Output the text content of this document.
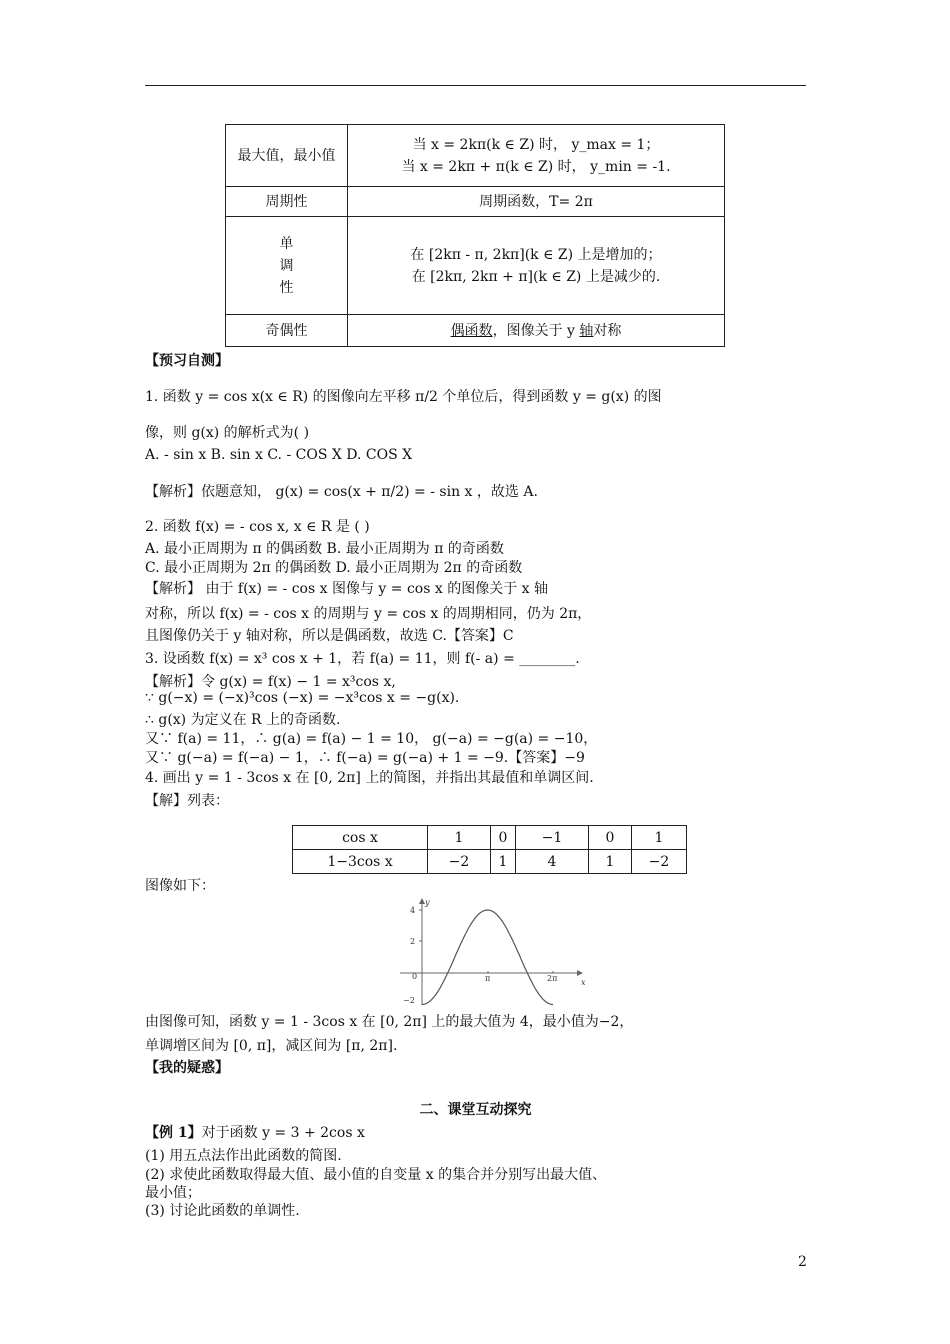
最大值，最小值	当 x = 2kπ(k ∈ Z) 时， y_max = 1；
当 x = 2kπ + π(k ∈ Z) 时， y_min = -1.

周期性	周期函数，T= 2π
单调性	在 [2kπ - π, 2kπ](k ∈ Z) 上是增加的；
在 [2kπ, 2kπ + π](k ∈ Z) 上是减少的.

奇偶性	偶函数，图像关于 y 轴对称
【预习自测】
1. 函数 y = cos x(x ∈ R) 的图像向左平移 π/2 个单位后，得到函数 y = g(x) 的图
像，则 g(x) 的解析式为( )
A. - sin x B. sin x C. - COS X D. COS X
【解析】依题意知， g(x) = cos(x + π/2) = - sin x ，故选 A.
2. 函数 f(x) = - cos x, x ∈ R 是 ( )
A. 最小正周期为 π 的偶函数 B. 最小正周期为 π 的奇函数
C. 最小正周期为 2π 的偶函数 D. 最小正周期为 2π 的奇函数
【解析】 由于 f(x) = - cos x 图像与 y = cos x 的图像关于 x 轴
对称，所以 f(x) = - cos x 的周期与 y = cos x 的周期相同，仍为 2π，
且图像仍关于 y 轴对称，所以是偶函数，故选 C.【答案】C
3. 设函数 f(x) = x³ cos x + 1，若 f(a) = 11，则 f(- a) = ________.
【解析】令 g(x) = f(x) − 1 = x³cos x,
∵ g(−x) = (−x)³cos (−x) = −x³cos x = −g(x).
∴ g(x) 为定义在 R 上的奇函数.
又∵ f(a) = 11，∴ g(a) = f(a) − 1 = 10， g(−a) = −g(a) = −10，
又∵ g(−a) = f(−a) − 1，∴ f(−a) = g(−a) + 1 = −9.【答案】−9
4. 画出 y = 1 - 3cos x 在 [0, 2π] 上的简图，并指出其最值和单调区间.
【解】列表：
cos x	1	0	−1	0	1
1−3cos x	−2	1	4	1	−2
图像如下：
y
x
4
2
0
−2
π	2π
由图像可知，函数 y = 1 - 3cos x 在 [0, 2π] 上的最大值为 4，最小值为−2，
单调增区间为 [0, π]，减区间为 [π, 2π].
【我的疑惑】
二、课堂互动探究
【例 1】对于函数 y = 3 + 2cos x
(1) 用五点法作出此函数的简图.
(2) 求使此函数取得最大值、最小值的自变量 x 的集合并分别写出最大值、
最小值；
(3) 讨论此函数的单调性.
2
